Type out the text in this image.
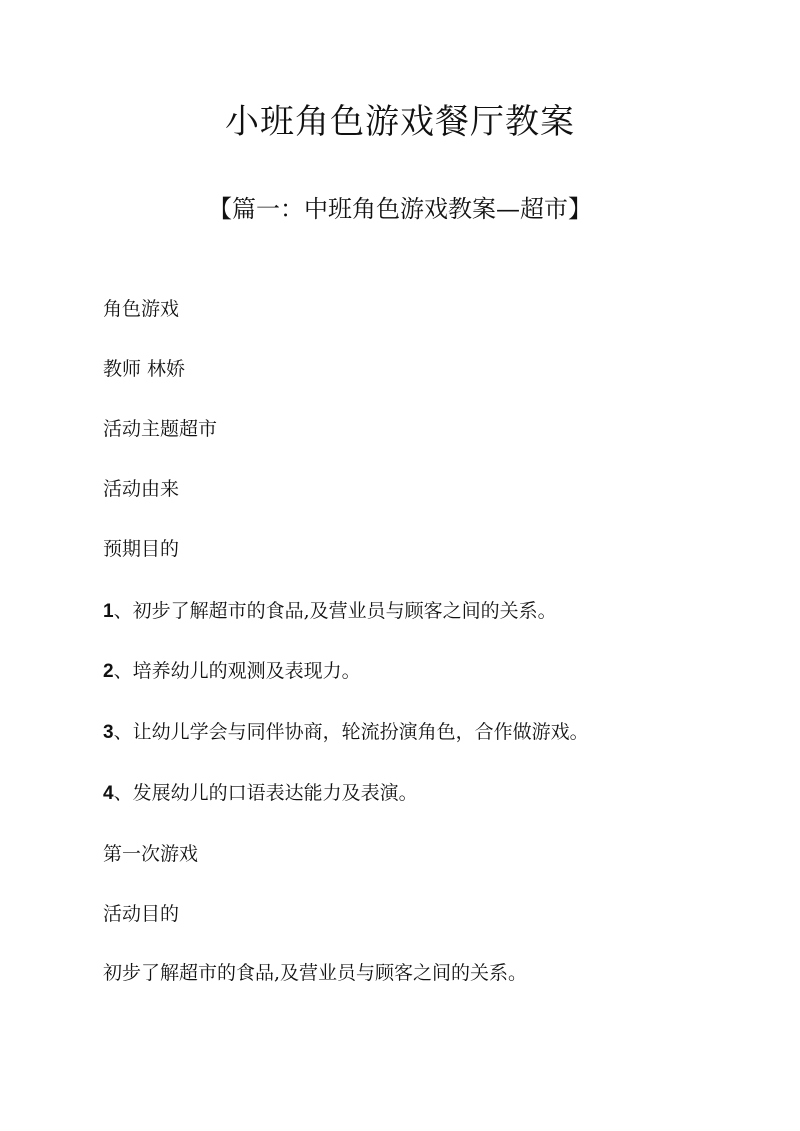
小班角色游戏餐厅教案
【篇一：中班角色游戏教案—超市】

角色游戏

教师 林娇

活动主题超市

活动由来

预期目的

1、初步了解超市的食品,及营业员与顾客之间的关系。

2、培养幼儿的观测及表现力。

3、让幼儿学会与同伴协商，轮流扮演角色，合作做游戏。

4、发展幼儿的口语表达能力及表演。

第一次游戏

活动目的

初步了解超市的食品,及营业员与顾客之间的关系。
